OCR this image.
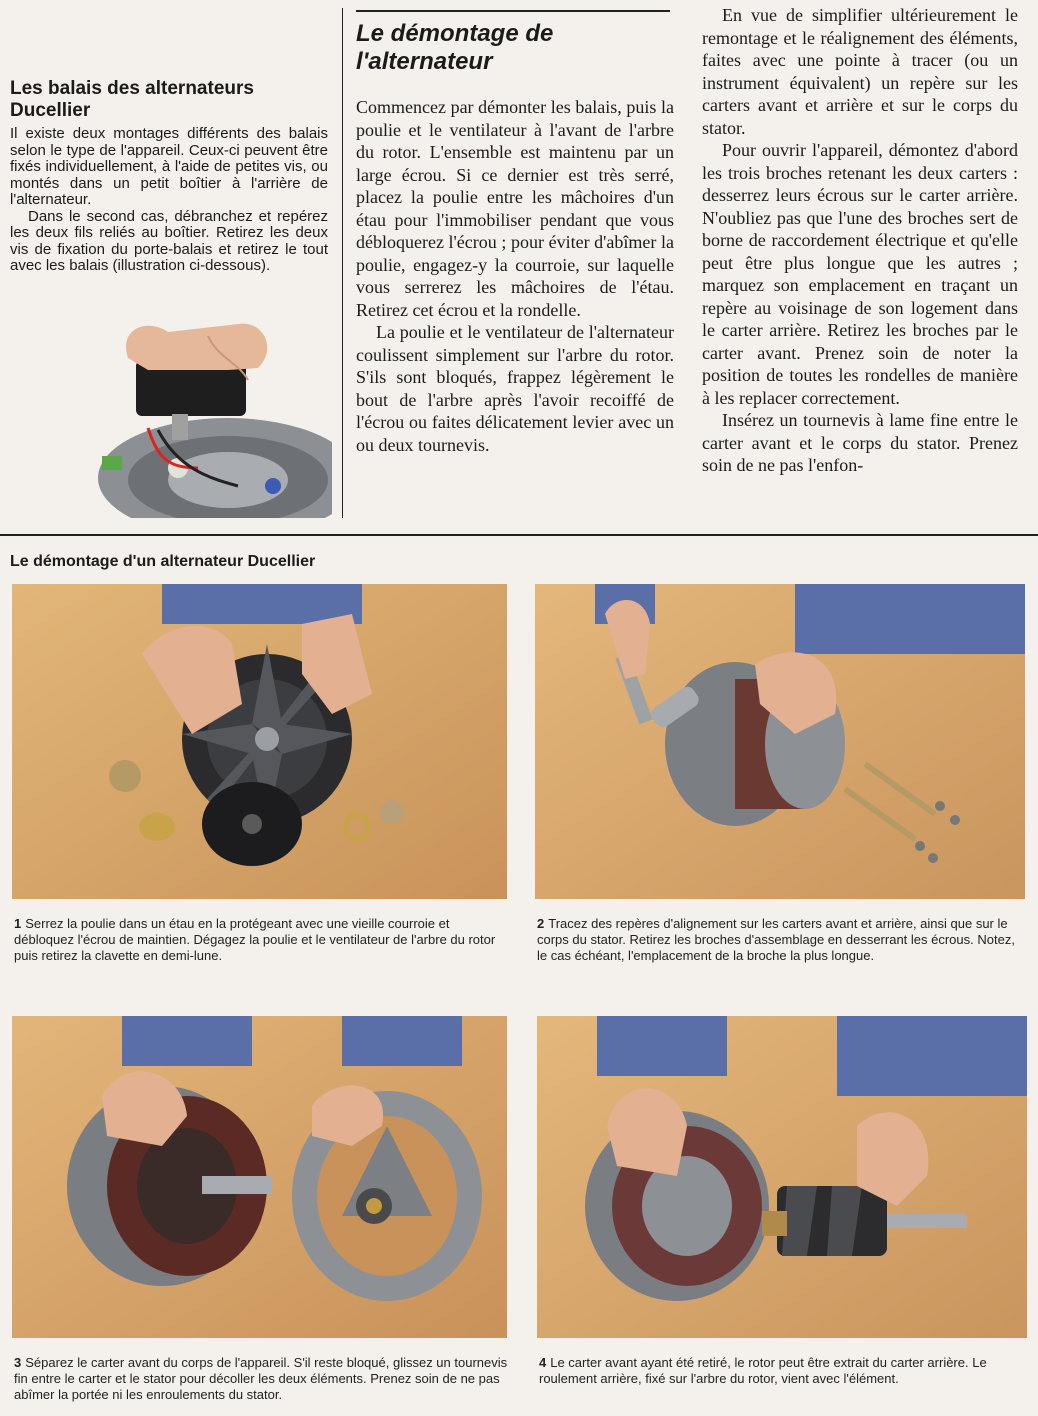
Les balais des alternateurs Ducellier

Il existe deux montages différents des balais selon le type de l'appareil. Ceux-ci peuvent être fixés individuellement, à l'aide de petites vis, ou montés dans un petit boîtier à l'arrière de l'alternateur.

Dans le second cas, débranchez et repérez les deux fils reliés au boîtier. Retirez les deux vis de fixation du porte-balais et retirez le tout avec les balais (illustration ci-dessous).

Le démontage de l'alternateur

Commencez par démonter les balais, puis la poulie et le ventilateur à l'avant de l'arbre du rotor. L'ensemble est maintenu par un large écrou. Si ce dernier est très serré, placez la poulie entre les mâchoires d'un étau pour l'immobiliser pendant que vous débloquerez l'écrou ; pour éviter d'abîmer la poulie, engagez-y la courroie, sur laquelle vous serrerez les mâchoires de l'étau. Retirez cet écrou et la rondelle.

La poulie et le ventilateur de l'alternateur coulissent simplement sur l'arbre du rotor. S'ils sont bloqués, frappez légèrement le bout de l'arbre après l'avoir recoiffé de l'écrou ou faites délicatement levier avec un ou deux tournevis.

En vue de simplifier ultérieurement le remontage et le réalignement des éléments, faites avec une pointe à tracer (ou un instrument équivalent) un repère sur les carters avant et arrière et sur le corps du stator.

Pour ouvrir l'appareil, démontez d'abord les trois broches retenant les deux carters : desserrez leurs écrous sur le carter arrière. N'oubliez pas que l'une des broches sert de borne de raccordement électrique et qu'elle peut être plus longue que les autres ; marquez son emplacement en traçant un repère au voisinage de son logement dans le carter arrière. Retirez les broches par le carter avant. Prenez soin de noter la position de toutes les rondelles de manière à les replacer correctement.

Insérez un tournevis à lame fine entre le carter avant et le corps du stator. Prenez soin de ne pas l'enfon-

Le démontage d'un alternateur Ducellier

1 Serrez la poulie dans un étau en la protégeant avec une vieille courroie et débloquez l'écrou de maintien. Dégagez la poulie et le ventilateur de l'arbre du rotor puis retirez la clavette en demi-lune.

2 Tracez des repères d'alignement sur les carters avant et arrière, ainsi que sur le corps du stator. Retirez les broches d'assemblage en desserrant les écrous. Notez, le cas échéant, l'emplacement de la broche la plus longue.

3 Séparez le carter avant du corps de l'appareil. S'il reste bloqué, glissez un tournevis fin entre le carter et le stator pour décoller les deux éléments. Prenez soin de ne pas abîmer la portée ni les enroulements du stator.

4 Le carter avant ayant été retiré, le rotor peut être extrait du carter arrière. Le roulement arrière, fixé sur l'arbre du rotor, vient avec l'élément.
